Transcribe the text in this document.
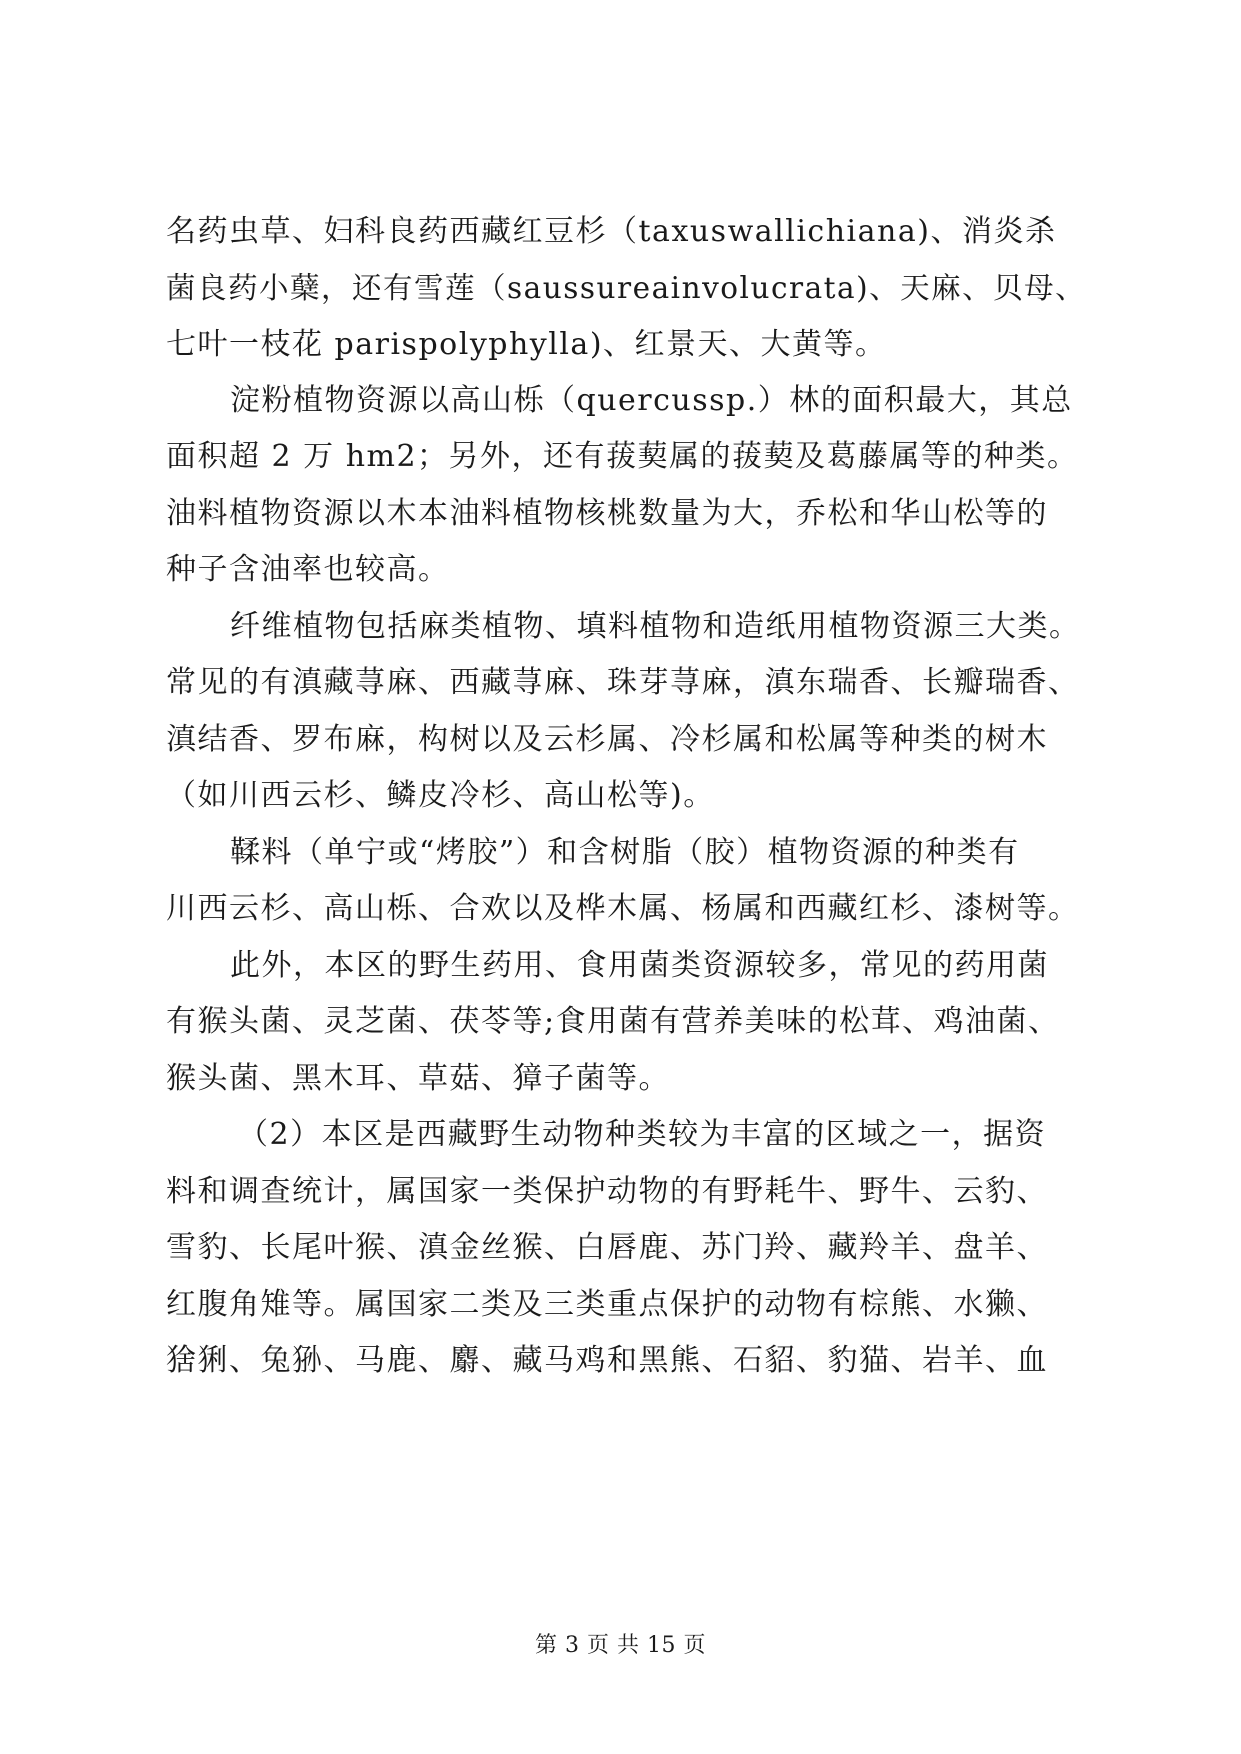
名药虫草、妇科良药西藏红豆杉（taxuswallichiana)、消炎杀
菌良药小蘖，还有雪莲（saussureainvolucrata)、天麻、贝母、
七叶一枝花 parispolyphylla)、红景天、大黄等。
淀粉植物资源以高山栎（quercussp.）林的面积最大，其总
面积超 2 万 hm2；另外，还有菝葜属的菝葜及葛藤属等的种类。
油料植物资源以木本油料植物核桃数量为大，乔松和华山松等的
种子含油率也较高。
纤维植物包括麻类植物、填料植物和造纸用植物资源三大类。
常见的有滇藏荨麻、西藏荨麻、珠芽荨麻，滇东瑞香、长瓣瑞香、
滇结香、罗布麻，构树以及云杉属、冷杉属和松属等种类的树木
（如川西云杉、鳞皮冷杉、高山松等)。
鞣料（单宁或“烤胶”）和含树脂（胶）植物资源的种类有
川西云杉、高山栎、合欢以及桦木属、杨属和西藏红杉、漆树等。
此外，本区的野生药用、食用菌类资源较多，常见的药用菌
有猴头菌、灵芝菌、茯苓等;食用菌有营养美味的松茸、鸡油菌、
猴头菌、黑木耳、草菇、獐子菌等。
（2）本区是西藏野生动物种类较为丰富的区域之一，据资
料和调查统计，属国家一类保护动物的有野耗牛、野牛、云豹、
雪豹、长尾叶猴、滇金丝猴、白唇鹿、苏门羚、藏羚羊、盘羊、
红腹角雉等。属国家二类及三类重点保护的动物有棕熊、水獭、
猞猁、兔狲、马鹿、麝、藏马鸡和黑熊、石貂、豹猫、岩羊、血
第 3 页 共 15 页
